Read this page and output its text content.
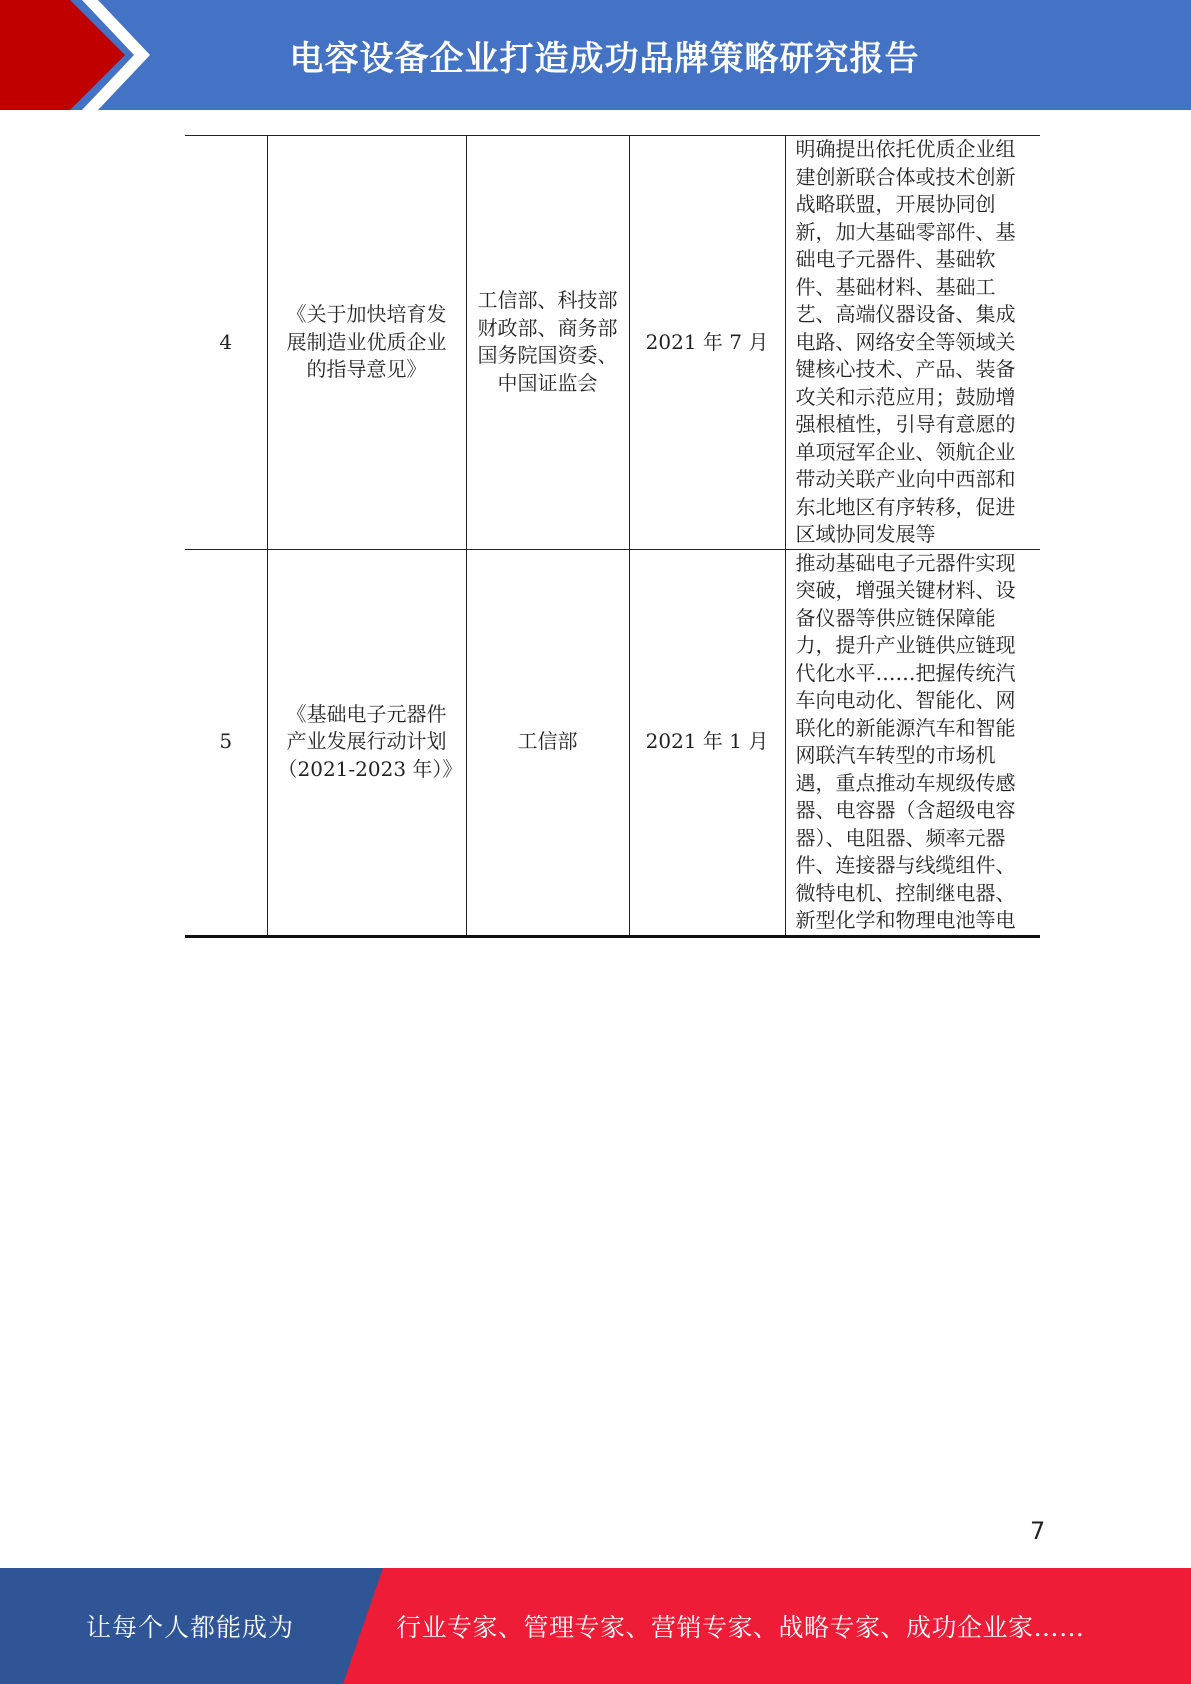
电容设备企业打造成功品牌策略研究报告
4	《关于加快培育发展制造业优质企业的指导意见》	工信部、科技部财政部、商务部国务院国资委、中国证监会	2021 年 7 月	明确提出依托优质企业组建创新联合体或技术创新战略联盟，开展协同创新，加大基础零部件、基础电子元器件、基础软件、基础材料、基础工艺、高端仪器设备、集成电路、网络安全等领域关键核心技术、产品、装备攻关和示范应用；鼓励增强根植性，引导有意愿的单项冠军企业、领航企业带动关联产业向中西部和东北地区有序转移，促进区域协同发展等
5	《基础电子元器件产业发展行动计划（2021-2023 年）》	工信部	2021 年 1 月	推动基础电子元器件实现突破，增强关键材料、设备仪器等供应链保障能力，提升产业链供应链现代化水平……把握传统汽车向电动化、智能化、网联化的新能源汽车和智能网联汽车转型的市场机遇，重点推动车规级传感器、电容器（含超级电容器）、电阻器、频率元器件、连接器与线缆组件、微特电机、控制继电器、新型化学和物理电池等电
7
让每个人都能成为	行业专家、管理专家、营销专家、战略专家、成功企业家……
